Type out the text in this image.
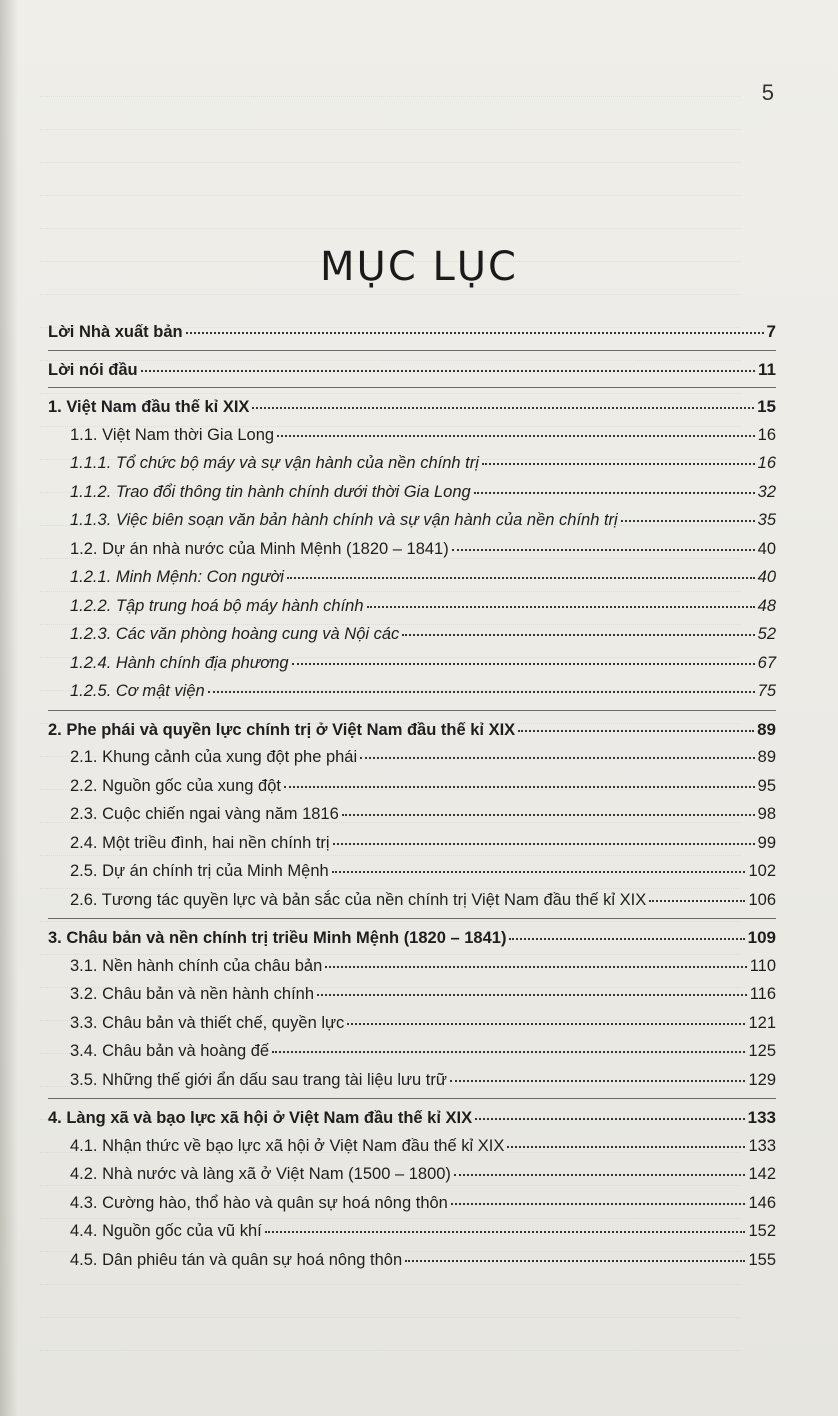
5
MỤC LỤC
Lời Nhà xuất bản	7
Lời nói đầu	11
1. Việt Nam đầu thế kỉ XIX	15
1.1. Việt Nam thời Gia Long	16
1.1.1. Tổ chức bộ máy và sự vận hành của nền chính trị	16
1.1.2. Trao đổi thông tin hành chính dưới thời Gia Long	32
1.1.3. Việc biên soạn văn bản hành chính và sự vận hành của nền chính trị	35
1.2. Dự án nhà nước của Minh Mệnh (1820 – 1841)	40
1.2.1. Minh Mệnh: Con người	40
1.2.2. Tập trung hoá bộ máy hành chính	48
1.2.3. Các văn phòng hoàng cung và Nội các	52
1.2.4. Hành chính địa phương	67
1.2.5. Cơ mật viện	75
2. Phe phái và quyền lực chính trị ở Việt Nam đầu thế kỉ XIX	89
2.1. Khung cảnh của xung đột phe phái	89
2.2. Nguồn gốc của xung đột	95
2.3. Cuộc chiến ngai vàng năm 1816	98
2.4. Một triều đình, hai nền chính trị	99
2.5. Dự án chính trị của Minh Mệnh	102
2.6. Tương tác quyền lực và bản sắc của nền chính trị Việt Nam đầu thế kỉ XIX	106
3. Châu bản và nền chính trị triều Minh Mệnh (1820 – 1841)	109
3.1. Nền hành chính của châu bản	110
3.2. Châu bản và nền hành chính	116
3.3. Châu bản và thiết chế, quyền lực	121
3.4. Châu bản và hoàng đế	125
3.5. Những thế giới ẩn dấu sau trang tài liệu lưu trữ	129
4. Làng xã và bạo lực xã hội ở Việt Nam đầu thế kỉ XIX	133
4.1. Nhận thức về bạo lực xã hội ở Việt Nam đầu thế kỉ XIX	133
4.2. Nhà nước và làng xã ở Việt Nam (1500 – 1800)	142
4.3. Cường hào, thổ hào và quân sự hoá nông thôn	146
4.4. Nguồn gốc của vũ khí	152
4.5. Dân phiêu tán và quân sự hoá nông thôn	155
